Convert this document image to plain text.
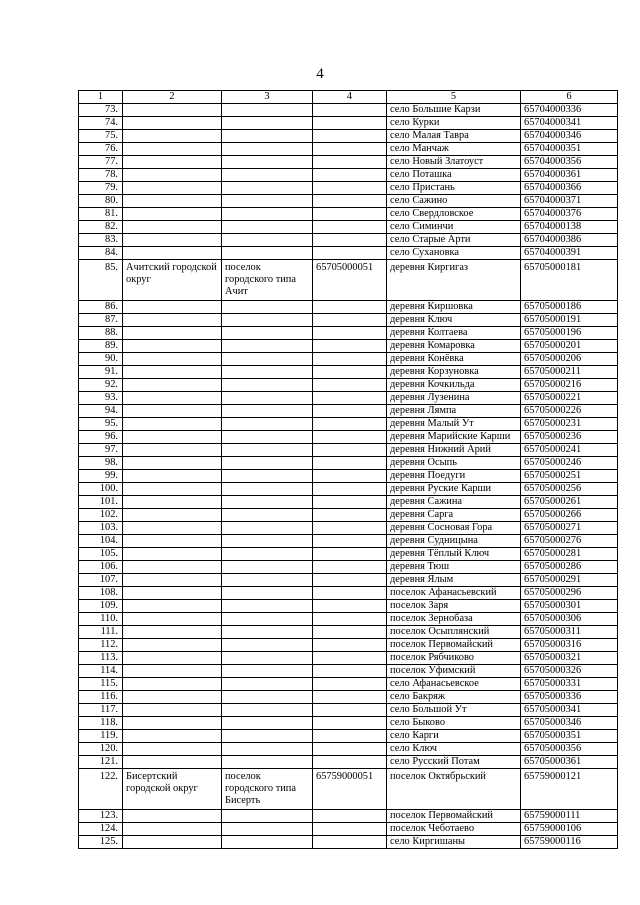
4
1	2	3	4	5	6
73.				село Большие Карзи	65704000336
74.				село Курки	65704000341
75.				село Малая Тавра	65704000346
76.				село Манчаж	65704000351
77.				село Новый Златоуст	65704000356
78.				село Поташка	65704000361
79.				село Пристань	65704000366
80.				село Сажино	65704000371
81.				село Свердловское	65704000376
82.				село Симинчи	65704000138
83.				село Старые Арти	65704000386
84.				село Сухановка	65704000391
85.	Ачитский городской округ	поселок городского типа Ачит	65705000051	деревня Киргигаз	65705000181
86.				деревня Киршовка	65705000186
87.				деревня Ключ	65705000191
88.				деревня Колтаева	65705000196
89.				деревня Комаровка	65705000201
90.				деревня Конёвка	65705000206
91.				деревня Корзуновка	65705000211
92.				деревня Кочкильда	65705000216
93.				деревня Лузенина	65705000221
94.				деревня Лямпа	65705000226
95.				деревня Малый Ут	65705000231
96.				деревня Марийские Карши	65705000236
97.				деревня Нижний Арий	65705000241
98.				деревня Осыпь	65705000246
99.				деревня Поедуги	65705000251
100.				деревня Руские Карши	65705000256
101.				деревня Сажина	65705000261
102.				деревня Сарга	65705000266
103.				деревня Сосновая Гора	65705000271
104.				деревня Судницына	65705000276
105.				деревня Тёплый Ключ	65705000281
106.				деревня Тюш	65705000286
107.				деревня Ялым	65705000291
108.				поселок Афанасьевский	65705000296
109.				поселок Заря	65705000301
110.				поселок Зернобаза	65705000306
111.				поселок Осыплянский	65705000311
112.				поселок Первомайский	65705000316
113.				поселок Рябчиково	65705000321
114.				поселок Уфимский	65705000326
115.				село Афанасьевское	65705000331
116.				село Бакряж	65705000336
117.				село Большой Ут	65705000341
118.				село Быково	65705000346
119.				село Карги	65705000351
120.				село Ключ	65705000356
121.				село Русский Потам	65705000361
122.	Бисертский городской округ	поселок городского типа Бисерть	65759000051	поселок Октябрьский	65759000121
123.				поселок Первомайский	65759000111
124.				поселок Чеботаево	65759000106
125.				село Киргишаны	65759000116
